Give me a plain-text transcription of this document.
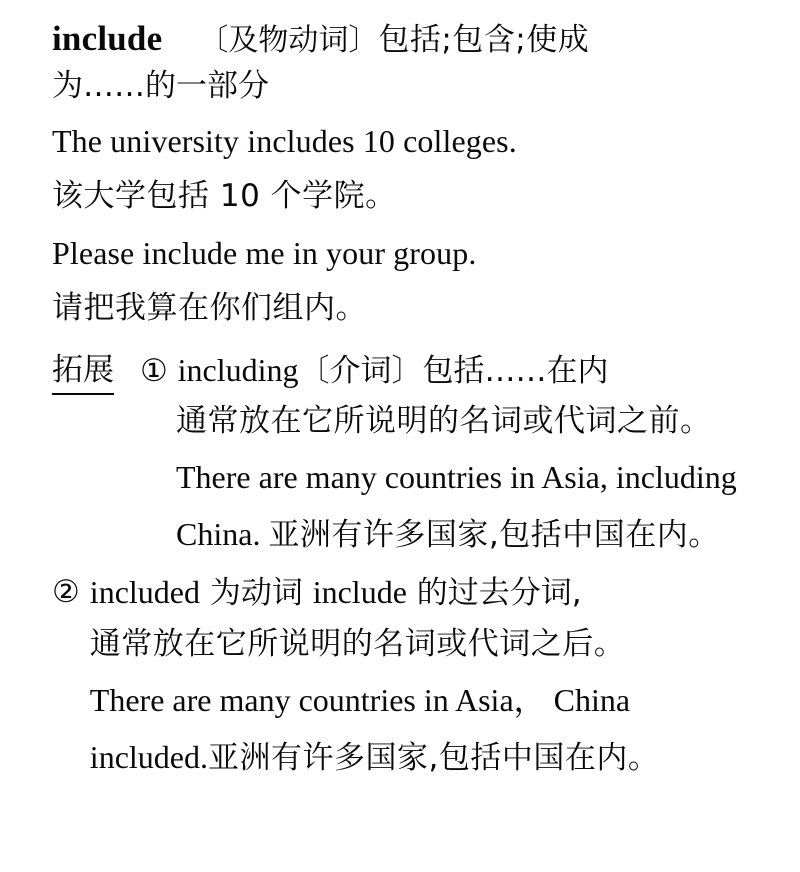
include 〔及物动词〕包括;包含;使成

为……的一部分

The university includes 10 colleges.

该大学包括 10 个学院。

Please include me in your group.

请把我算在你们组内。

拓展 ① including〔介词〕包括……在内

通常放在它所说明的名词或代词之前。

There are many countries in Asia, including

China. 亚洲有许多国家,包括中国在内。

② included 为动词 include 的过去分词,

通常放在它所说明的名词或代词之后。

There are many countries in Asia， China

included.亚洲有许多国家,包括中国在内。
